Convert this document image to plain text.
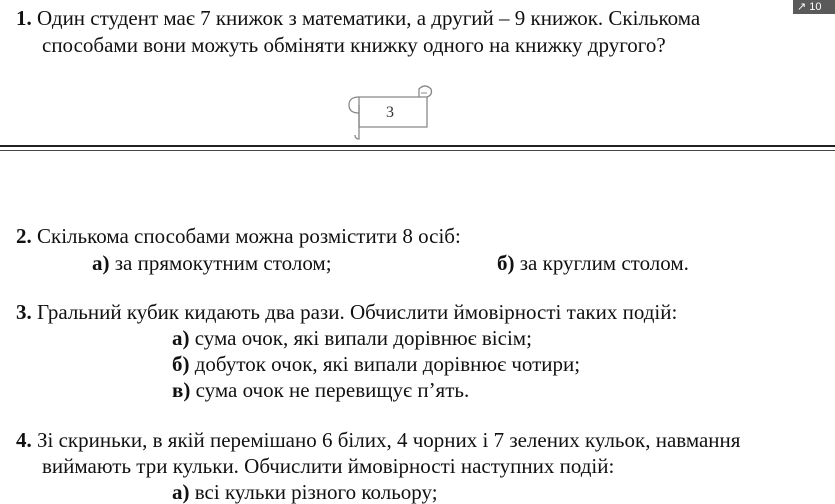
↗ 10
1. Один студент має 7 книжок з математики, а другий – 9 книжок. Скількома
способами вони можуть обміняти книжку одного на книжку другого?
3
2. Скількома способами можна розмістити 8 осіб:
а) за прямокутним столом;	б) за круглим столом.
3. Гральний кубик кидають два рази. Обчислити ймовірності таких подій:
а) сума очок, які випали дорівнює вісім;
б) добуток очок, які випали дорівнює чотири;
в) сума очок не перевищує п’ять.
4. Зі скриньки, в якій перемішано 6 білих, 4 чорних і 7 зелених кульок, навмання
виймають три кульки. Обчислити ймовірності наступних подій:
а) всі кульки різного кольору;
